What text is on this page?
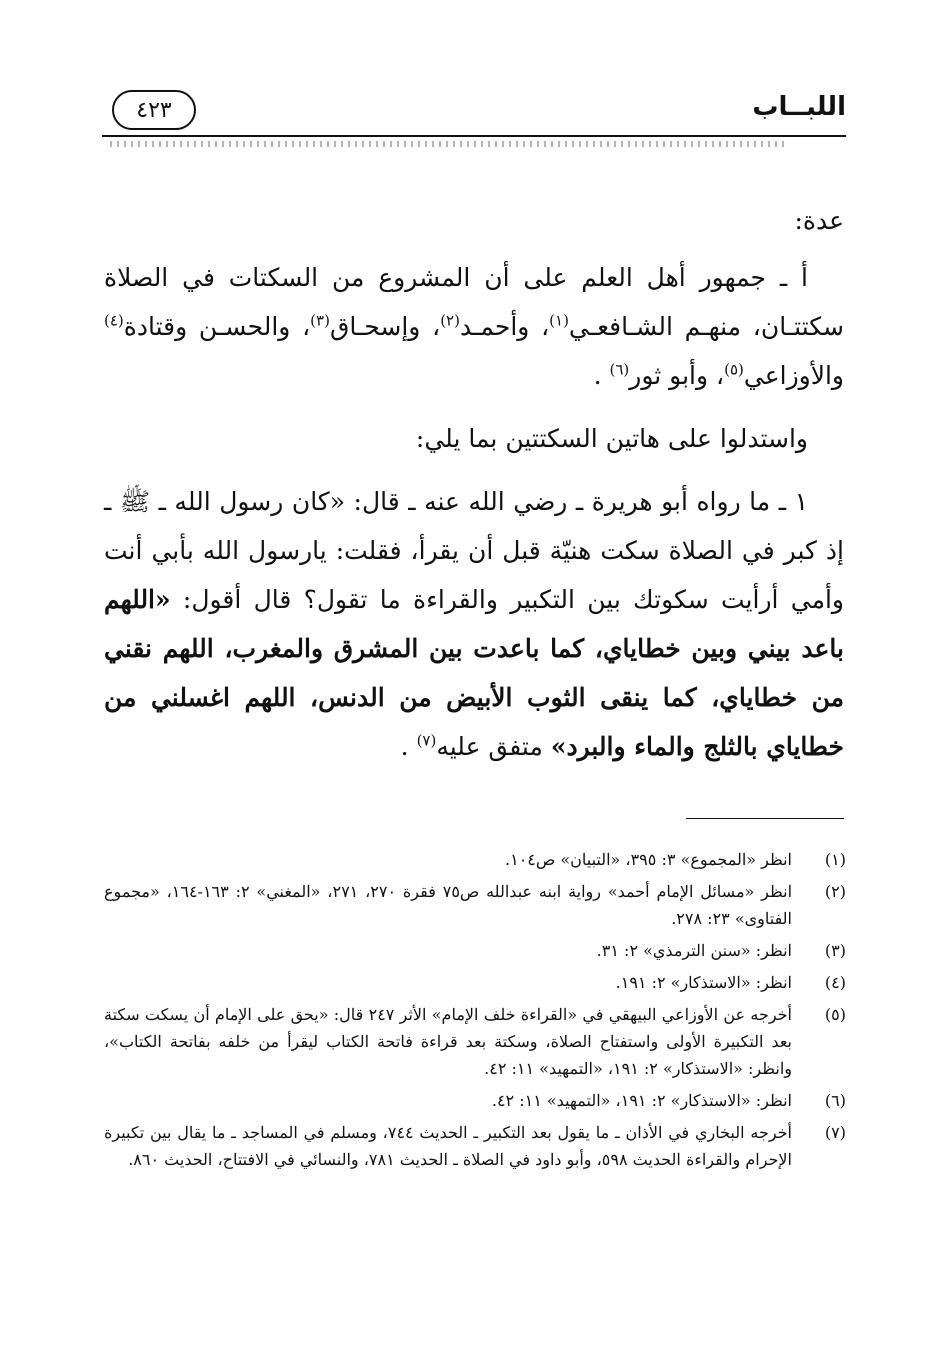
اللبــاب
٤٢٣

عدة:

أ ـ جمهور أهل العلم على أن المشروع من السكتات في الصلاة سكتتـان، منهـم الشـافعـي$^{(١)}$، وأحمـد$^{(٢)}$، وإسحـاق$^{(٣)}$، والحسـن وقتادة$^{(٤)}$ والأوزاعي$^{(٥)}$، وأبو ثور$^{(٦)}$ .

واستدلوا على هاتين السكتتين بما يلي:

١ ـ ما رواه أبو هريرة ـ رضي الله عنه ـ قال: «كان رسول الله ـ ﷺ ـ إذ كبر في الصلاة سكت هنيّة قبل أن يقرأ، فقلت: يارسول الله بأبي أنت وأمي أرأيت سكوتك بين التكبير والقراءة ما تقول؟ قال أقول: «اللهم باعد بيني وبين خطاياي، كما باعدت بين المشرق والمغرب، اللهم نقني من خطاياي، كما ينقى الثوب الأبيض من الدنس، اللهم اغسلني من خطاياي بالثلج والماء والبرد» متفق عليه$^{(٧)}$ .

(١)
انظر «المجموع» ٣: ٣٩٥، «التبيان» ص١٠٤.
(٢)
انظر «مسائل الإمام أحمد» رواية ابنه عبدالله ص٧٥ فقرة ٢٧٠، ٢٧١، «المغني» ٢: ١٦٣-١٦٤، «مجموع الفتاوى» ٢٣: ٢٧٨.
(٣)
انظر: «سنن الترمذي» ٢: ٣١.
(٤)
انظر: «الاستذكار» ٢: ١٩١.
(٥)
أخرجه عن الأوزاعي البيهقي في «القراءة خلف الإمام» الأثر ٢٤٧ قال: «يحق على الإمام أن يسكت سكتة بعد التكبيرة الأولى واستفتاح الصلاة، وسكتة بعد قراءة فاتحة الكتاب ليقرأ من خلفه بفاتحة الكتاب»، وانظر: «الاستذكار» ٢: ١٩١، «التمهيد» ١١: ٤٢.
(٦)
انظر: «الاستذكار» ٢: ١٩١، «التمهيد» ١١: ٤٢.
(٧)
أخرجه البخاري في الأذان ـ ما يقول بعد التكبير ـ الحديث ٧٤٤، ومسلم في المساجد ـ ما يقال بين تكبيرة الإحرام والقراءة الحديث ٥٩٨، وأبو داود في الصلاة ـ الحديث ٧٨١، والنسائي في الافتتاح، الحديث ٨٦٠.
